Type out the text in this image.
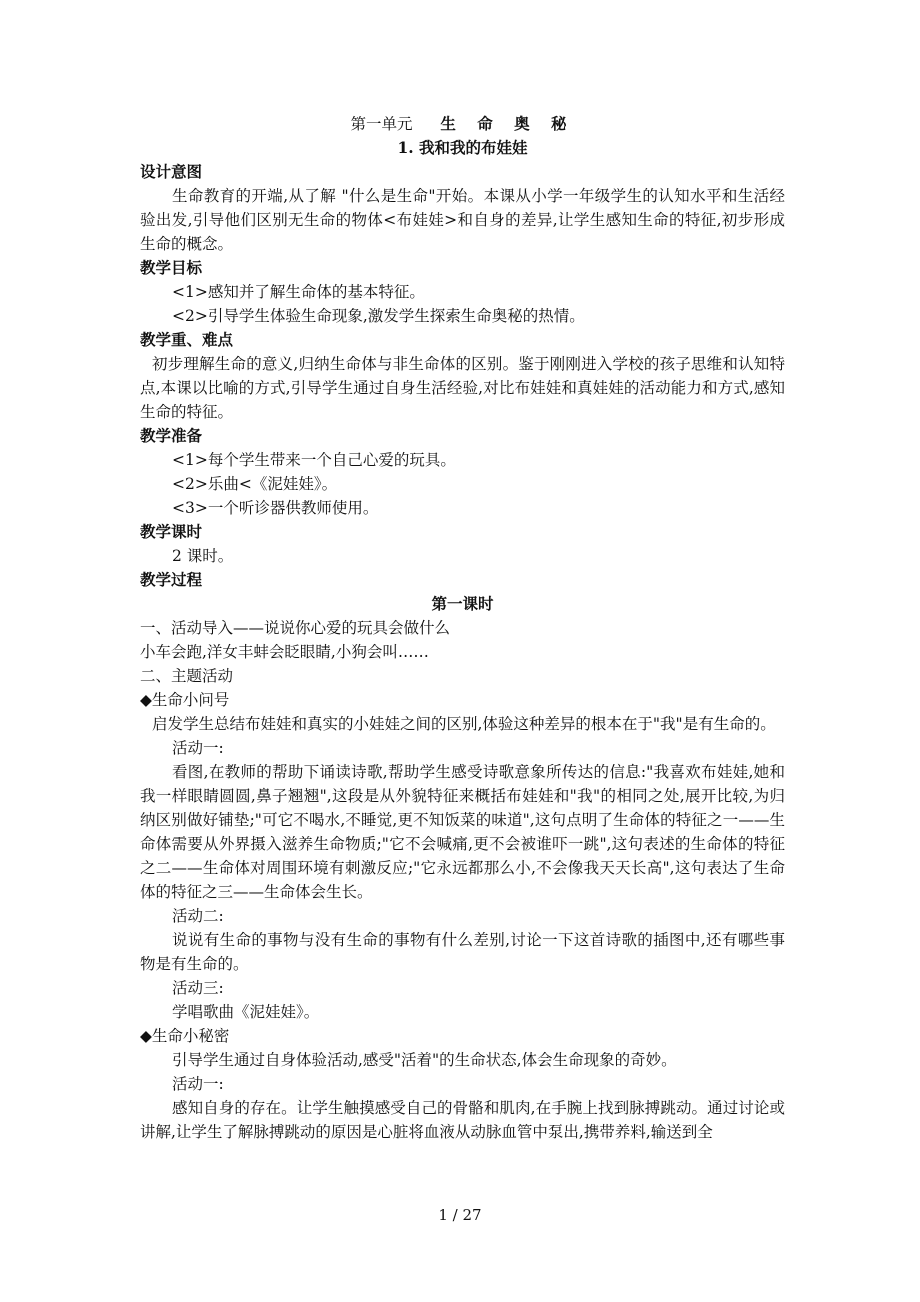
第一单元 生 命 奥 秘
1. 我和我的布娃娃
设计意图
生命教育的开端,从了解 "什么是生命"开始。本课从小学一年级学生的认知水平和生活经验出发,引导他们区别无生命的物体<布娃娃>和自身的差异,让学生感知生命的特征,初步形成生命的概念。
教学目标
<1>感知并了解生命体的基本特征。
<2>引导学生体验生命现象,激发学生探索生命奥秘的热情。
教学重、难点
初步理解生命的意义,归纳生命体与非生命体的区别。鉴于刚刚进入学校的孩子思维和认知特点,本课以比喻的方式,引导学生通过自身生活经验,对比布娃娃和真娃娃的活动能力和方式,感知生命的特征。
教学准备
<1>每个学生带来一个自己心爱的玩具。
<2>乐曲<《泥娃娃》。
<3>一个听诊器供教师使用。
教学课时
2 课时。
教学过程
第一课时
一、活动导入——说说你心爱的玩具会做什么
小车会跑,洋女丰蚌会眨眼睛,小狗会叫……
二、主题活动
◆生命小问号
启发学生总结布娃娃和真实的小娃娃之间的区别,体验这种差异的根本在于"我"是有生命的。
活动一:
看图,在教师的帮助下诵读诗歌,帮助学生感受诗歌意象所传达的信息:"我喜欢布娃娃,她和我一样眼睛圆圆,鼻子翘翘",这段是从外貌特征来概括布娃娃和"我"的相同之处,展开比较,为归纳区别做好铺垫;"可它不喝水,不睡觉,更不知饭菜的味道",这句点明了生命体的特征之一——生命体需要从外界摄入滋养生命物质;"它不会喊痛,更不会被谁吓一跳",这句表述的生命体的特征之二——生命体对周围环境有刺激反应;"它永远都那么小,不会像我天天长高",这句表达了生命体的特征之三——生命体会生长。
活动二:
说说有生命的事物与没有生命的事物有什么差别,讨论一下这首诗歌的插图中,还有哪些事物是有生命的。
活动三:
学唱歌曲《泥娃娃》。
◆生命小秘密
引导学生通过自身体验活动,感受"活着"的生命状态,体会生命现象的奇妙。
活动一:
感知自身的存在。让学生触摸感受自己的骨骼和肌肉,在手腕上找到脉搏跳动。通过讨论或讲解,让学生了解脉搏跳动的原因是心脏将血液从动脉血管中泵出,携带养料,输送到全
1 / 27
